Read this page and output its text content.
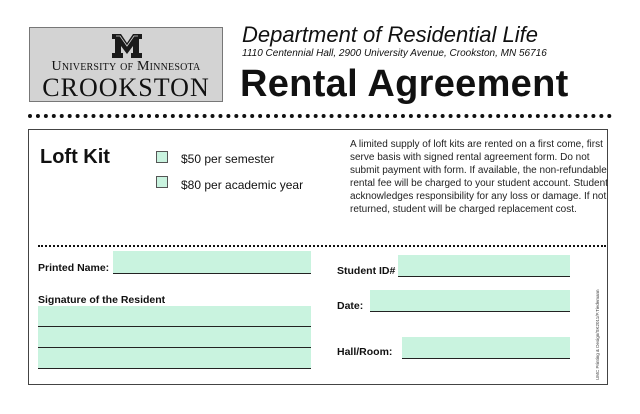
University of Minnesota
CROOKSTON
Department of Residential Life
1110 Centennial Hall, 2900 University Avenue, Crookston, MN 56716
Rental Agreement
Loft Kit	$50 per semester
$80 per academic year
A limited supply of loft kits are rented on a first come, first serve basis with signed rental agreement form. Do not submit payment with form. If available, the non-refundable rental fee will be charged to your student account. Student acknowledges responsibility for any loss or damage. If not returned, student will be charged replacement cost.
Printed Name:
Signature of the Resident
Student ID#
Date:
Hall/Room:	UMC Printing & Design/SK2011/P.Tiedemann
